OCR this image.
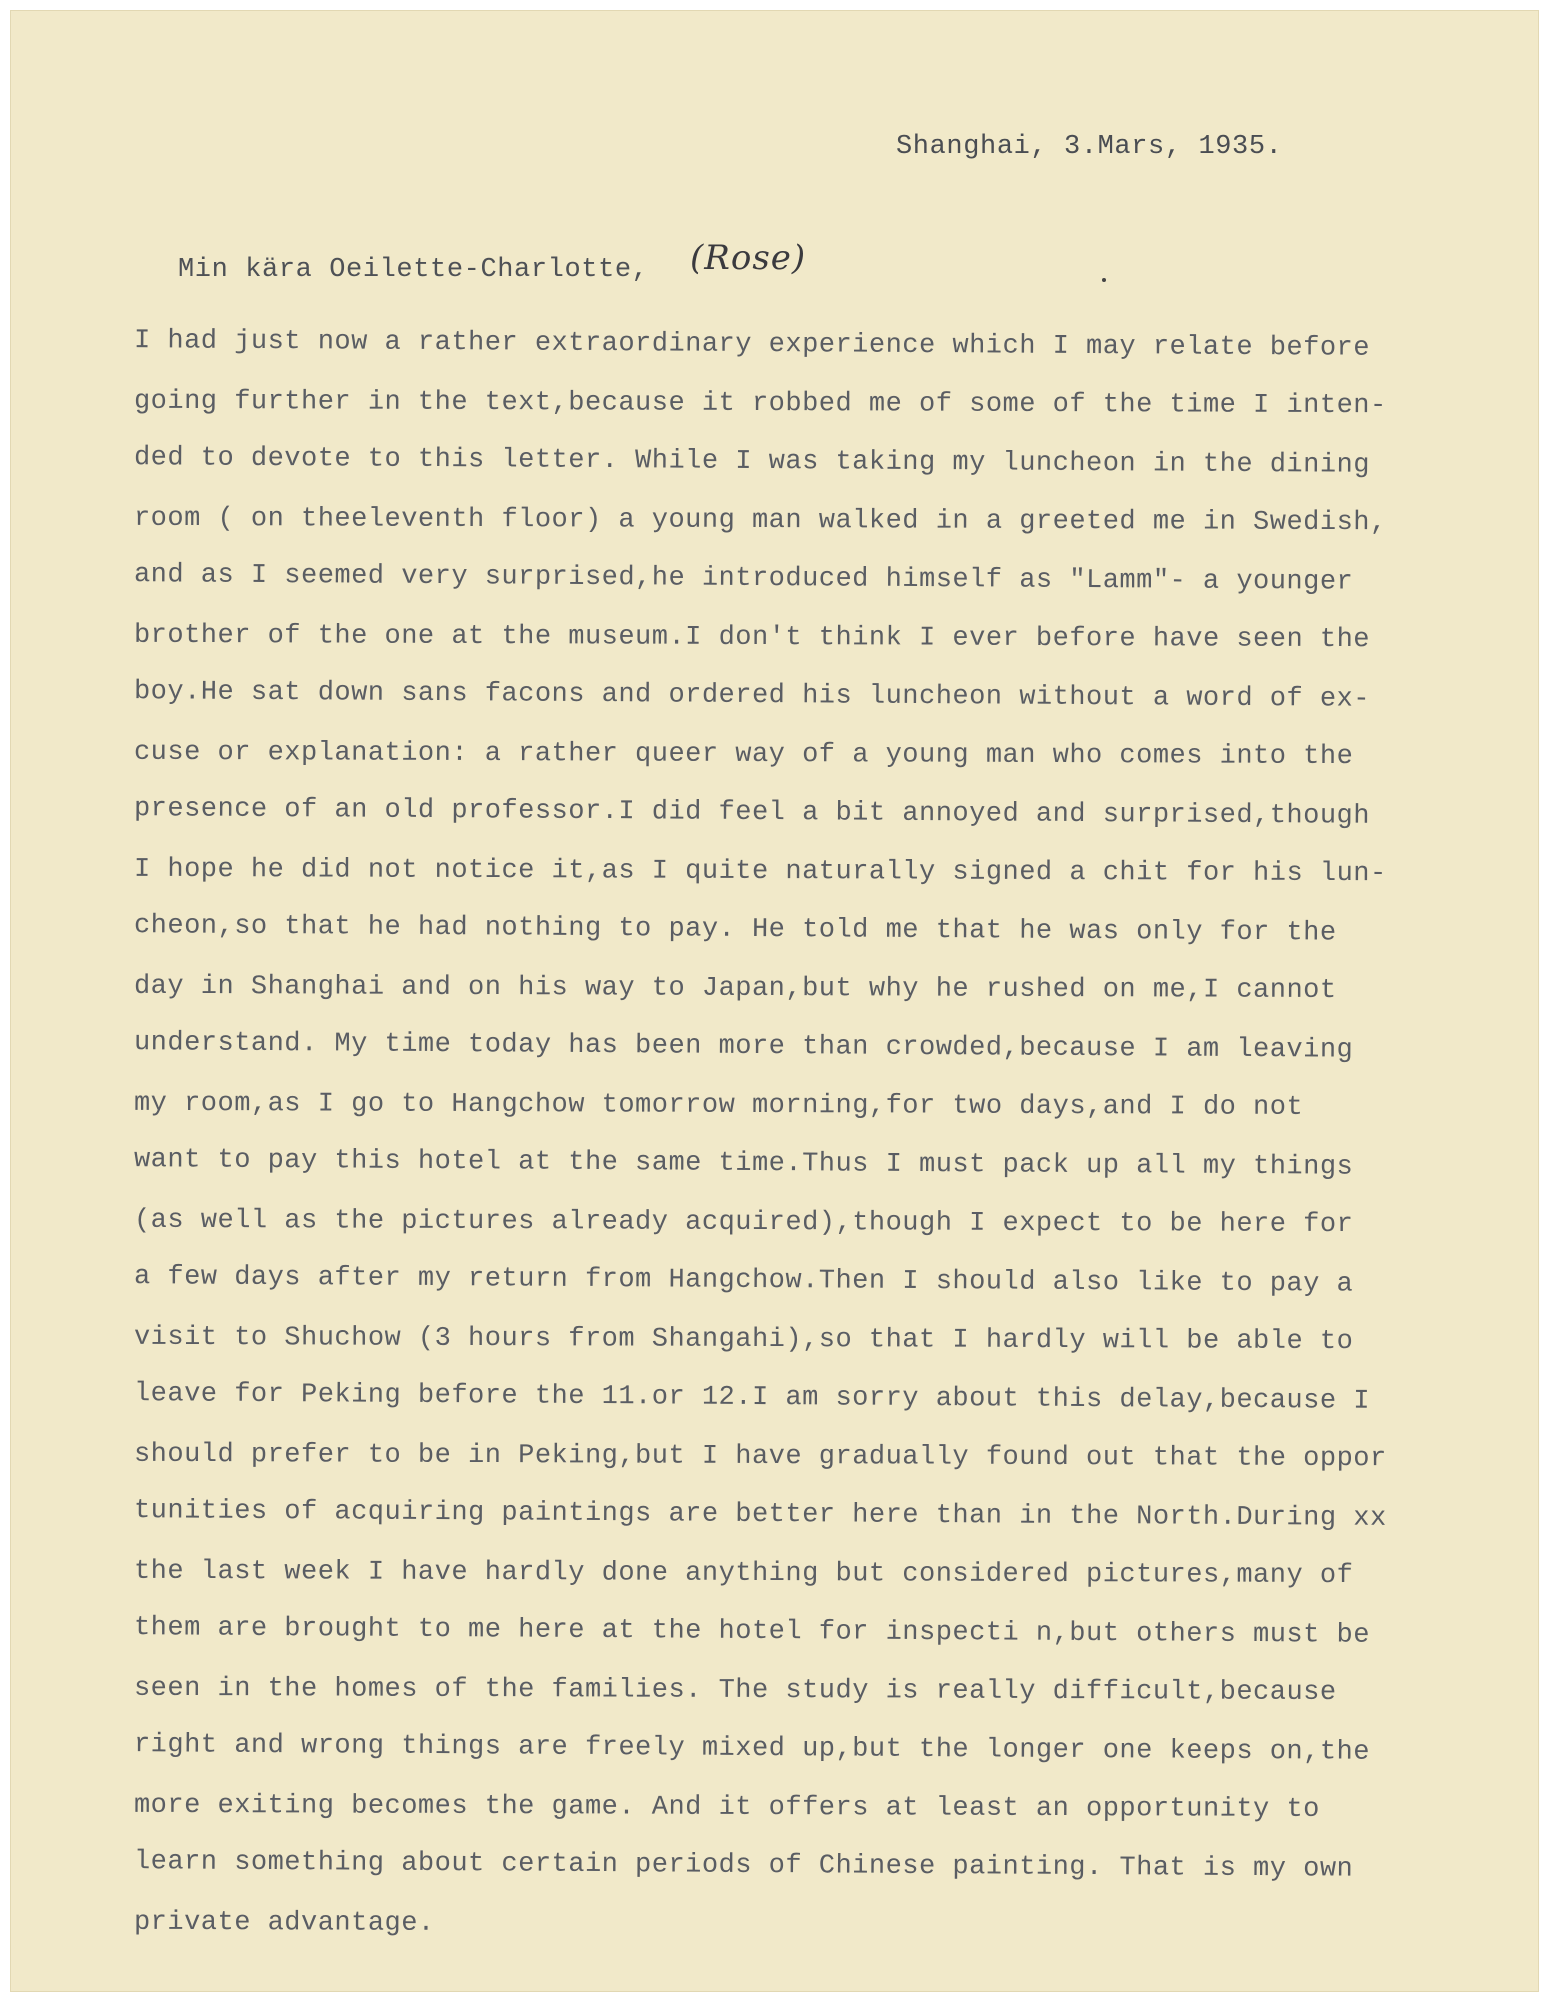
Shanghai, 3.Mars, 1935.
Min kära Oeilette-Charlotte, (Rose)
I had just now a rather extraordinary experience which I may relate before
going further in the text,because it robbed me of some of the time I inten-
ded to devote to this letter. While I was taking my luncheon in the dining
room ( on theeleventh floor) a young man walked in a greeted me in Swedish,
and as I seemed very surprised,he introduced himself as "Lamm"- a younger
brother of the one at the museum.I don't think I ever before have seen the
boy.He sat down sans facons and ordered his luncheon without a word of ex-
cuse or explanation: a rather queer way of a young man who comes into the
presence of an old professor.I did feel a bit annoyed and surprised,though
I hope he did not notice it,as I quite naturally signed a chit for his lun-
cheon,so that he had nothing to pay. He told me that he was only for the
day in Shanghai and on his way to Japan,but why he rushed on me,I cannot
understand. My time today has been more than crowded,because I am leaving
my room,as I go to Hangchow tomorrow morning,for two days,and I do not
want to pay this hotel at the same time.Thus I must pack up all my things
(as well as the pictures already acquired),though I expect to be here for
a few days after my return from Hangchow.Then I should also like to pay a
visit to Shuchow (3 hours from Shangahi),so that I hardly will be able to
leave for Peking before the 11.or 12.I am sorry about this delay,because I
should prefer to be in Peking,but I have gradually found out that the oppor
tunities of acquiring paintings are better here than in the North.During xx
the last week I have hardly done anything but considered pictures,many of
them are brought to me here at the hotel for inspecti n,but others must be
seen in the homes of the families. The study is really difficult,because
right and wrong things are freely mixed up,but the longer one keeps on,the
more exiting becomes the game. And it offers at least an opportunity to
learn something about certain periods of Chinese painting. That is my own
private advantage.
